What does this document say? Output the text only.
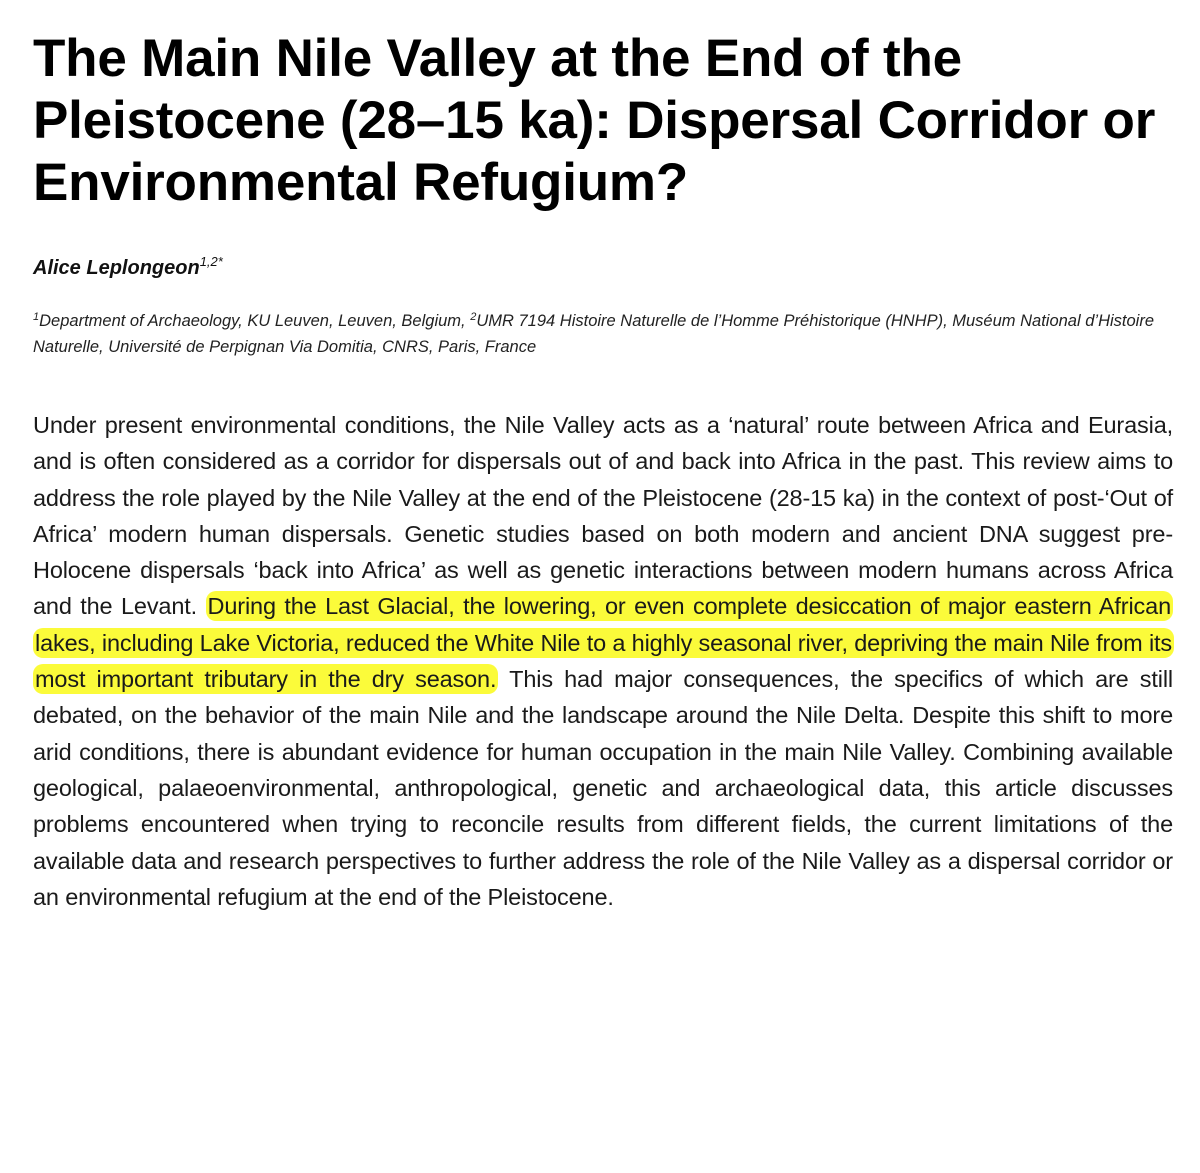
The Main Nile Valley at the End of the Pleistocene (28–15 ka): Dispersal Corridor or Environmental Refugium?
Alice Leplongeon$^{1,2*}$
$^1$Department of Archaeology, KU Leuven, Leuven, Belgium, $^2$UMR 7194 Histoire Naturelle de l’Homme Préhistorique (HNHP), Muséum National d’Histoire Naturelle, Université de Perpignan Via Domitia, CNRS, Paris, France

Under present environmental conditions, the Nile Valley acts as a ‘natural’ route between Africa and Eurasia, and is often considered as a corridor for dispersals out of and back into Africa in the past. This review aims to address the role played by the Nile Valley at the end of the Pleistocene (28-15 ka) in the context of post-‘Out of Africa’ modern human dispersals. Genetic studies based on both modern and ancient DNA suggest pre-Holocene dispersals ‘back into Africa’ as well as genetic interactions between modern humans across Africa and the Levant. During the Last Glacial, the lowering, or even complete desiccation of major eastern African lakes, including Lake Victoria, reduced the White Nile to a highly seasonal river, depriving the main Nile from its most important tributary in the dry season. This had major consequences, the specifics of which are still debated, on the behavior of the main Nile and the landscape around the Nile Delta. Despite this shift to more arid conditions, there is abundant evidence for human occupation in the main Nile Valley. Combining available geological, palaeoenvironmental, anthropological, genetic and archaeological data, this article discusses problems encountered when trying to reconcile results from different fields, the current limitations of the available data and research perspectives to further address the role of the Nile Valley as a dispersal corridor or an environmental refugium at the end of the Pleistocene.
